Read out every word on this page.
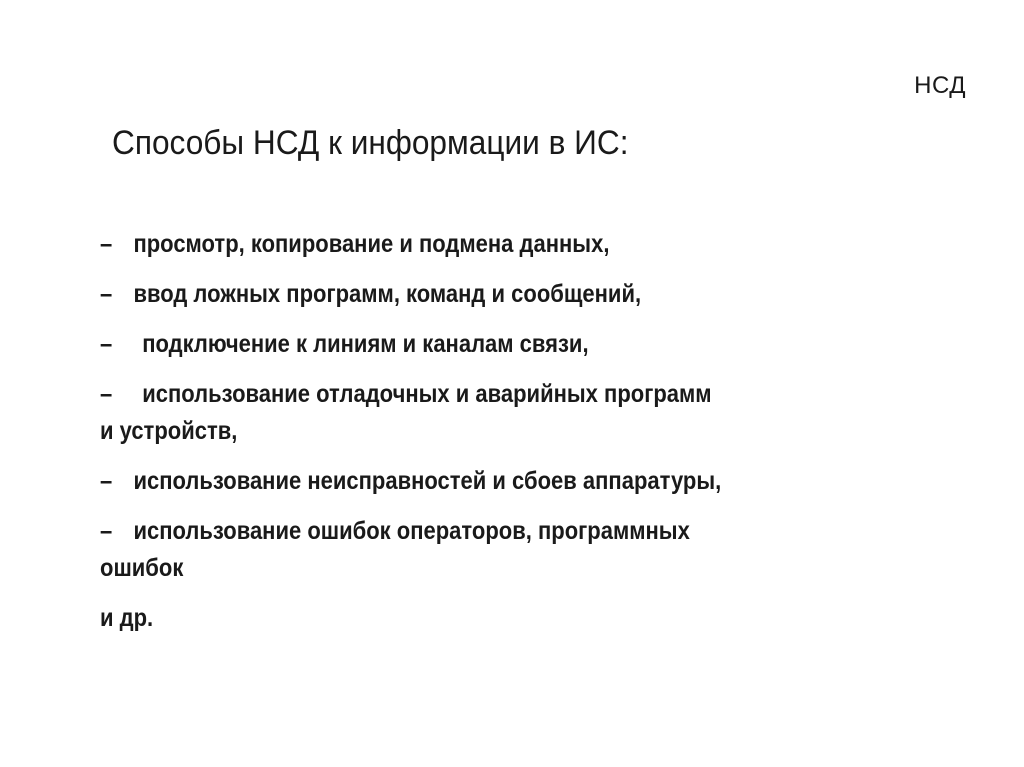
НСД
Способы НСД к информации в ИС:
– просмотр, копирование и подмена данных,
– ввод ложных программ, команд и сообщений,
– подключение к линиям и каналам связи,
– использование отладочных и аварийных программ
и устройств,
– использование неисправностей и сбоев аппаратуры,
– использование ошибок операторов, программных
ошибок
и др.
